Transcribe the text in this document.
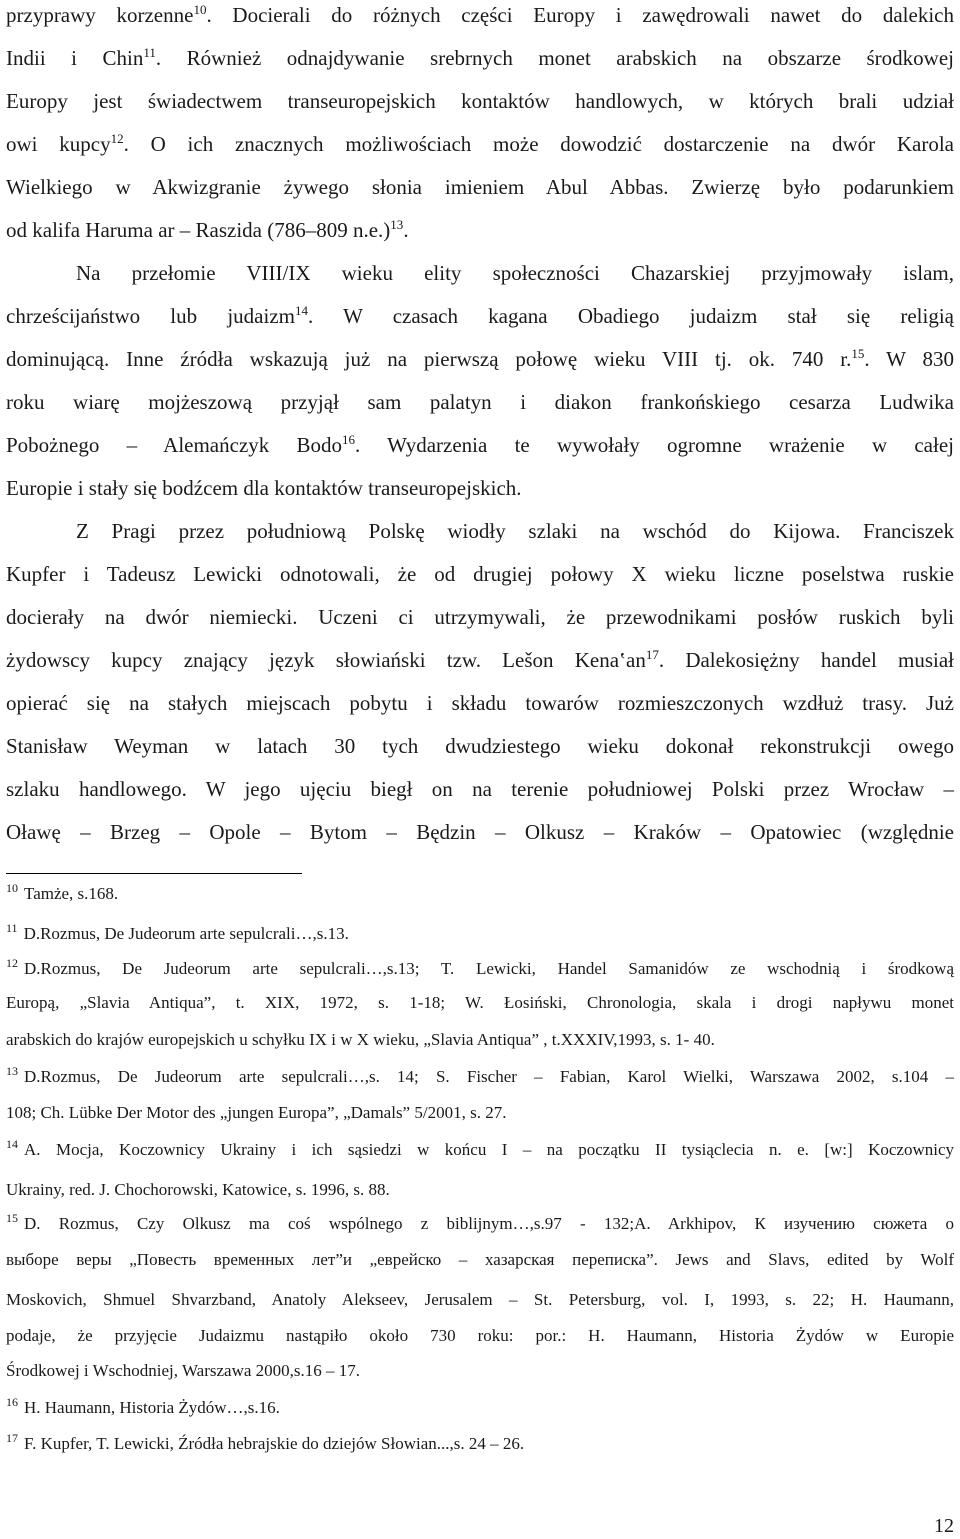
przyprawy korzenne$^{10}$. Docierali do różnych części Europy i zawędrowali nawet do dalekich
Indii i Chin$^{11}$. Również odnajdywanie srebrnych monet arabskich na obszarze środkowej
Europy jest świadectwem transeuropejskich kontaktów handlowych, w których brali udział
owi kupcy$^{12}$. O ich znacznych możliwościach może dowodzić dostarczenie na dwór Karola
Wielkiego w Akwizgranie żywego słonia imieniem Abul Abbas. Zwierzę było podarunkiem
od kalifa Haruma ar – Raszida (786–809 n.e.)$^{13}$.
Na przełomie VIII/IX wieku elity społeczności Chazarskiej przyjmowały islam,
chrześcijaństwo lub judaizm$^{14}$. W czasach kagana Obadiego judaizm stał się religią
dominującą. Inne źródła wskazują już na pierwszą połowę wieku VIII tj. ok. 740 r.$^{15}$. W 830
roku wiarę mojżeszową przyjął sam palatyn i diakon frankońskiego cesarza Ludwika
Pobożnego – Alemańczyk Bodo$^{16}$. Wydarzenia te wywołały ogromne wrażenie w całej
Europie i stały się bodźcem dla kontaktów transeuropejskich.
Z Pragi przez południową Polskę wiodły szlaki na wschód do Kijowa. Franciszek
Kupfer i Tadeusz Lewicki odnotowali, że od drugiej połowy X wieku liczne poselstwa ruskie
docierały na dwór niemiecki. Uczeni ci utrzymywali, że przewodnikami posłów ruskich byli
żydowscy kupcy znający język słowiański tzw. Lešon Kenaʽan$^{17}$. Dalekosiężny handel musiał
opierać się na stałych miejscach pobytu i składu towarów rozmieszczonych wzdłuż trasy. Już
Stanisław Weyman w latach 30 tych dwudziestego wieku dokonał rekonstrukcji owego
szlaku handlowego. W jego ujęciu biegł on na terenie południowej Polski przez Wrocław –
Oławę – Brzeg – Opole – Bytom – Będzin – Olkusz – Kraków – Opatowiec (względnie
$^{10}$ Tamże, s.168.
$^{11}$ D.Rozmus, De Judeorum arte sepulcrali…,s.13.
$^{12}$ D.Rozmus, De Judeorum arte sepulcrali…,s.13; T. Lewicki, Handel Samanidów ze wschodnią i środkową
Europą, „Slavia Antiqua”, t. XIX, 1972, s. 1-18; W. Łosiński, Chronologia, skala i drogi napływu monet
arabskich do krajów europejskich u schyłku IX i w X wieku, „Slavia Antiqua” , t.XXXIV,1993, s. 1- 40.
$^{13}$ D.Rozmus, De Judeorum arte sepulcrali…,s. 14; S. Fischer – Fabian, Karol Wielki, Warszawa 2002, s.104 –
108; Ch. Lübke Der Motor des „jungen Europa”, „Damals” 5/2001, s. 27.
$^{14}$ A. Mocja, Koczownicy Ukrainy i ich sąsiedzi w końcu I – na początku II tysiąclecia n. e. [w:] Koczownicy
Ukrainy, red. J. Chochorowski, Katowice, s. 1996, s. 88.
$^{15}$ D. Rozmus, Czy Olkusz ma coś wspólnego z biblijnym…,s.97 - 132;A. Arkhipov, К изучению сюжета о
выборе веры „Повесть временных лет”и „еврейско – хазарская переписка”. Jews and Slavs, edited by Wolf
Moskovich, Shmuel Shvarzband, Anatoly Alekseev, Jerusalem – St. Petersburg, vol. I, 1993, s. 22; H. Haumann,
podaje, że przyjęcie Judaizmu nastąpiło około 730 roku: por.: H. Haumann, Historia Żydów w Europie
Środkowej i Wschodniej, Warszawa 2000,s.16 – 17.
$^{16}$ H. Haumann, Historia Żydów…,s.16.
$^{17}$ F. Kupfer, T. Lewicki, Źródła hebrajskie do dziejów Słowian...,s. 24 – 26.
12
